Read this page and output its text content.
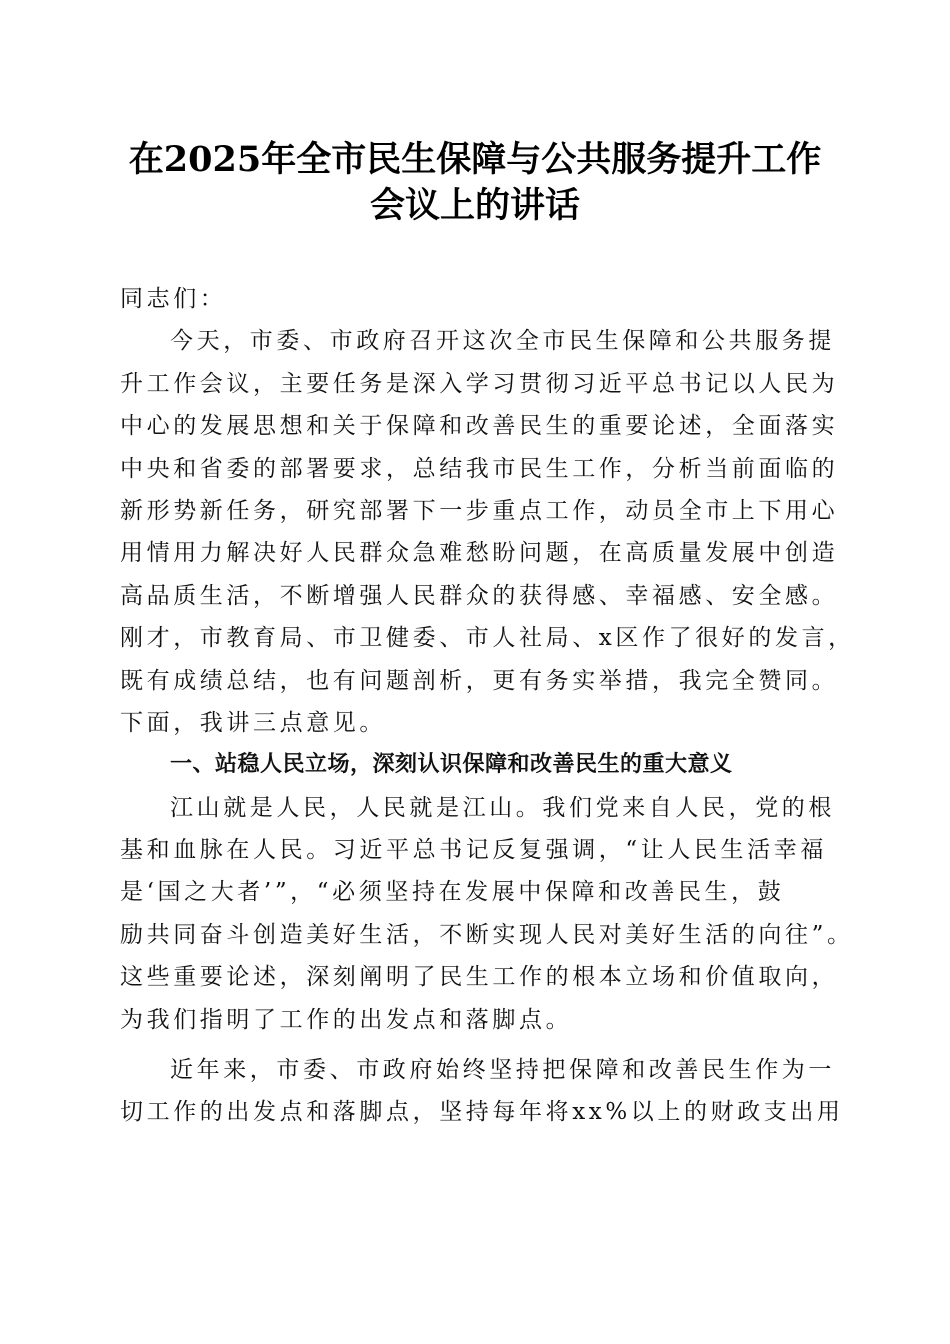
在2025年全市民生保障与公共服务提升工作
会议上的讲话
同志们：
今天，市委、市政府召开这次全市民生保障和公共服务提
升工作会议，主要任务是深入学习贯彻习近平总书记以人民为
中心的发展思想和关于保障和改善民生的重要论述，全面落实
中央和省委的部署要求，总结我市民生工作，分析当前面临的
新形势新任务，研究部署下一步重点工作，动员全市上下用心
用情用力解决好人民群众急难愁盼问题，在高质量发展中创造
高品质生活，不断增强人民群众的获得感、幸福感、安全感。
刚才，市教育局、市卫健委、市人社局、x区作了很好的发言，
既有成绩总结，也有问题剖析，更有务实举措，我完全赞同。
下面，我讲三点意见。
一、站稳人民立场，深刻认识保障和改善民生的重大意义
江山就是人民，人民就是江山。我们党来自人民，党的根
基和血脉在人民。习近平总书记反复强调，“让人民生活幸福
是‘国之大者’”，“必须坚持在发展中保障和改善民生，鼓
励共同奋斗创造美好生活，不断实现人民对美好生活的向往”。
这些重要论述，深刻阐明了民生工作的根本立场和价值取向，
为我们指明了工作的出发点和落脚点。
近年来，市委、市政府始终坚持把保障和改善民生作为一
切工作的出发点和落脚点，坚持每年将xx%以上的财政支出用
